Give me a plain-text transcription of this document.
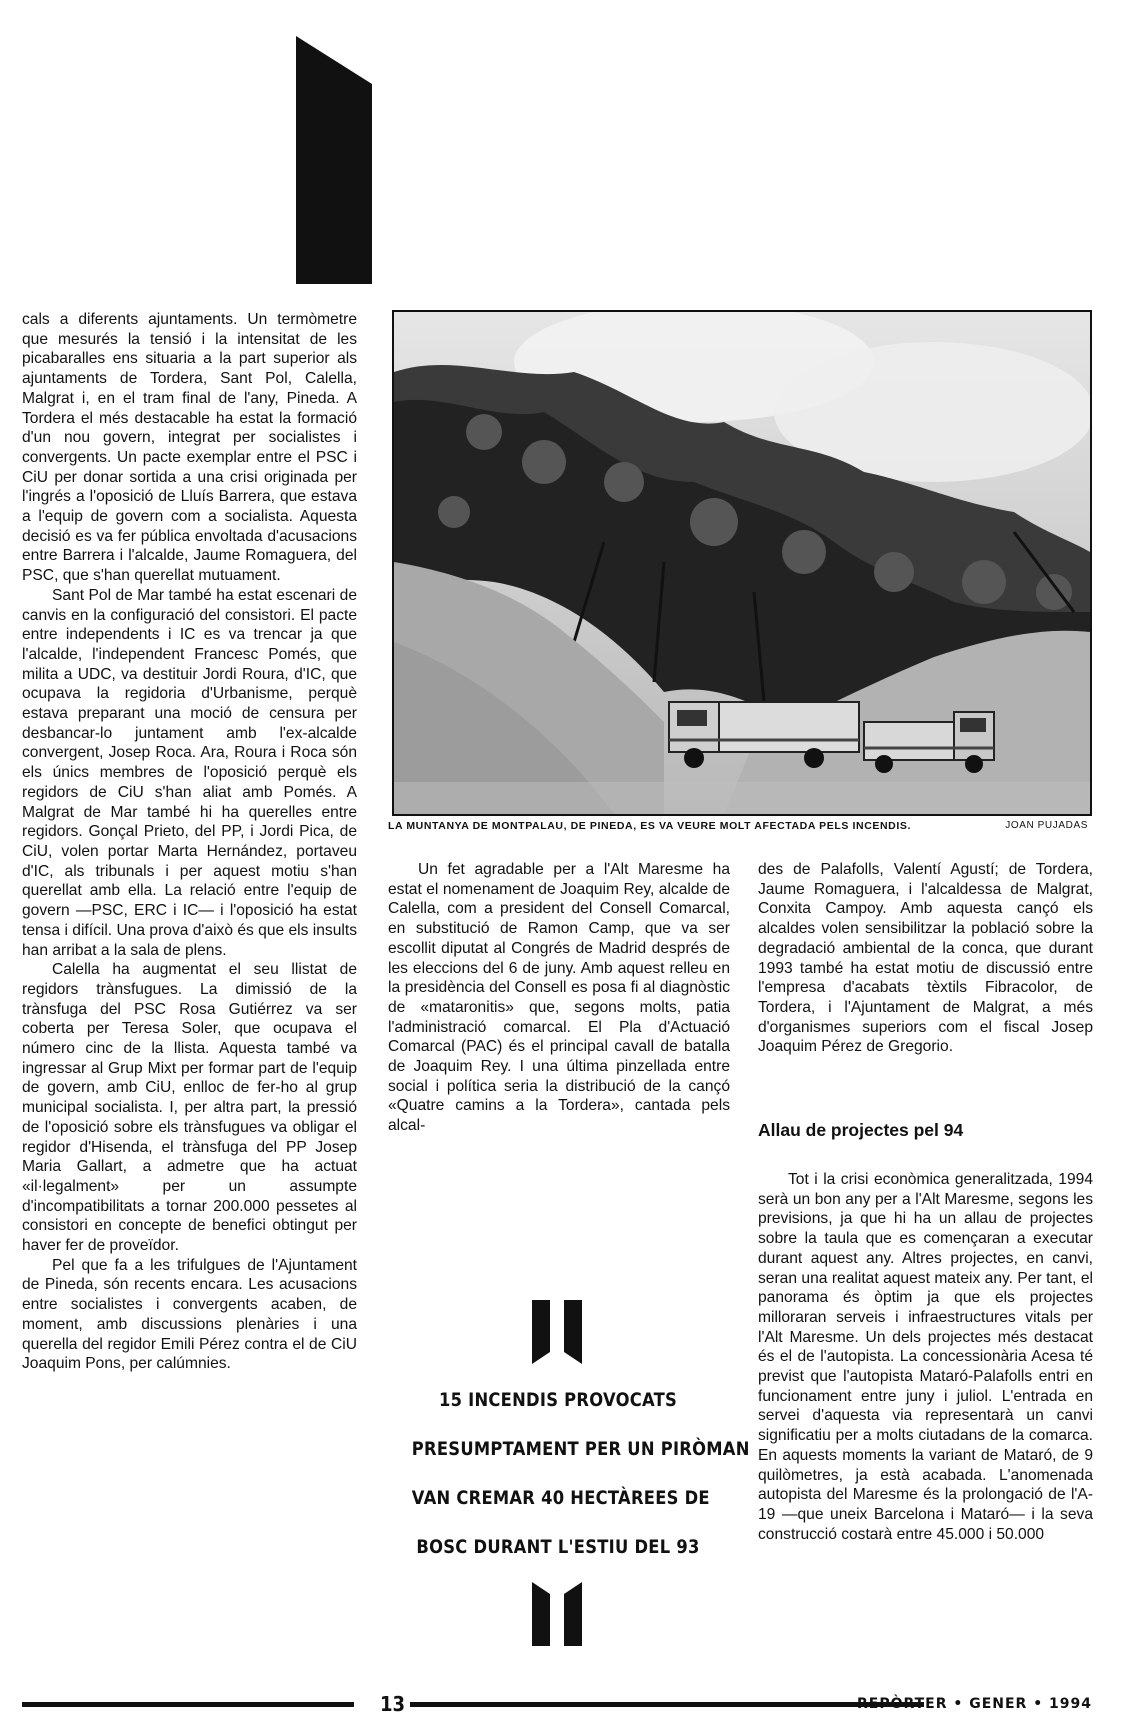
cals a diferents ajuntaments. Un termòmetre que mesurés la tensió i la intensitat de les picabaralles ens situaria a la part superior als ajuntaments de Tordera, Sant Pol, Calella, Malgrat i, en el tram final de l'any, Pineda. A Tordera el més destacable ha estat la formació d'un nou govern, integrat per socialistes i convergents. Un pacte exemplar entre el PSC i CiU per donar sortida a una crisi originada per l'ingrés a l'oposició de Lluís Barrera, que estava a l'equip de govern com a socialista. Aquesta decisió es va fer pública envoltada d'acusacions entre Barrera i l'alcalde, Jaume Romaguera, del PSC, que s'han querellat mutuament.

Sant Pol de Mar també ha estat escenari de canvis en la configuració del consistori. El pacte entre independents i IC es va trencar ja que l'alcalde, l'independent Francesc Pomés, que milita a UDC, va destituir Jordi Roura, d'IC, que ocupava la regidoria d'Urbanisme, perquè estava preparant una moció de censura per desbancar-lo juntament amb l'ex-alcalde convergent, Josep Roca. Ara, Roura i Roca són els únics membres de l'oposició perquè els regidors de CiU s'han aliat amb Pomés. A Malgrat de Mar també hi ha querelles entre regidors. Gonçal Prieto, del PP, i Jordi Pica, de CiU, volen portar Marta Hernández, portaveu d'IC, als tribunals i per aquest motiu s'han querellat amb ella. La relació entre l'equip de govern —PSC, ERC i IC— i l'oposició ha estat tensa i difícil. Una prova d'això és que els insults han arribat a la sala de plens.

Calella ha augmentat el seu llistat de regidors trànsfugues. La dimissió de la trànsfuga del PSC Rosa Gutiérrez va ser coberta per Teresa Soler, que ocupava el número cinc de la llista. Aquesta també va ingressar al Grup Mixt per formar part de l'equip de govern, amb CiU, enlloc de fer-ho al grup municipal socialista. I, per altra part, la pressió de l'oposició sobre els trànsfugues va obligar el regidor d'Hisenda, el trànsfuga del PP Josep Maria Gallart, a admetre que ha actuat «il·legalment» per un assumpte d'incompatibilitats a tornar 200.000 pessetes al consistori en concepte de benefici obtingut per haver fer de proveïdor.

Pel que fa a les trifulgues de l'Ajuntament de Pineda, són recents encara. Les acusacions entre socialistes i convergents acaben, de moment, amb discussions plenàries i una querella del regidor Emili Pérez contra el de CiU Joaquim Pons, per calúmnies.

LA MUNTANYA DE MONTPALAU, DE PINEDA, ES VA VEURE MOLT AFECTADA PELS INCENDIS.	JOAN PUJADAS

Un fet agradable per a l'Alt Maresme ha estat el nomenament de Joaquim Rey, alcalde de Calella, com a president del Consell Comarcal, en substitució de Ramon Camp, que va ser escollit diputat al Congrés de Madrid després de les eleccions del 6 de juny. Amb aquest relleu en la presidència del Consell es posa fi al diagnòstic de «mataronitis» que, segons molts, patia l'administració comarcal. El Pla d'Actuació Comarcal (PAC) és el principal cavall de batalla de Joaquim Rey. I una última pinzellada entre social i política seria la distribució de la cançó «Quatre camins a la Tordera», cantada pels alcal-

des de Palafolls, Valentí Agustí; de Tordera, Jaume Romaguera, i l'alcaldessa de Malgrat, Conxita Campoy. Amb aquesta cançó els alcaldes volen sensibilitzar la població sobre la degradació ambiental de la conca, que durant 1993 també ha estat motiu de discussió entre l'empresa d'acabats tèxtils Fibracolor, de Tordera, i l'Ajuntament de Malgrat, a més d'organismes superiors com el fiscal Josep Joaquim Pérez de Gregorio.

Allau de projectes pel 94

Tot i la crisi econòmica generalitzada, 1994 serà un bon any per a l'Alt Maresme, segons les previsions, ja que hi ha un allau de projectes sobre la taula que es començaran a executar durant aquest any. Altres projectes, en canvi, seran una realitat aquest mateix any. Per tant, el panorama és òptim ja que els projectes milloraran serveis i infraestructures vitals per l'Alt Maresme. Un dels projectes més destacat és el de l'autopista. La concessionària Acesa té previst que l'autopista Mataró-Palafolls entri en funcionament entre juny i juliol. L'entrada en servei d'aquesta via representarà un canvi significatiu per a molts ciutadans de la comarca. En aquests moments la variant de Mataró, de 9 quilòmetres, ja està acabada. L'anomenada autopista del Maresme és la prolongació de l'A-19 —que uneix Barcelona i Mataró— i la seva construcció costarà entre 45.000 i 50.000

15 INCENDIS PROVOCATS
PRESUMPTAMENT PER UN PIRÒMAN
VAN CREMAR 40 HECTÀREES DE
BOSC DURANT L'ESTIU DEL 93
13	REPÒRTER • GENER • 1994
